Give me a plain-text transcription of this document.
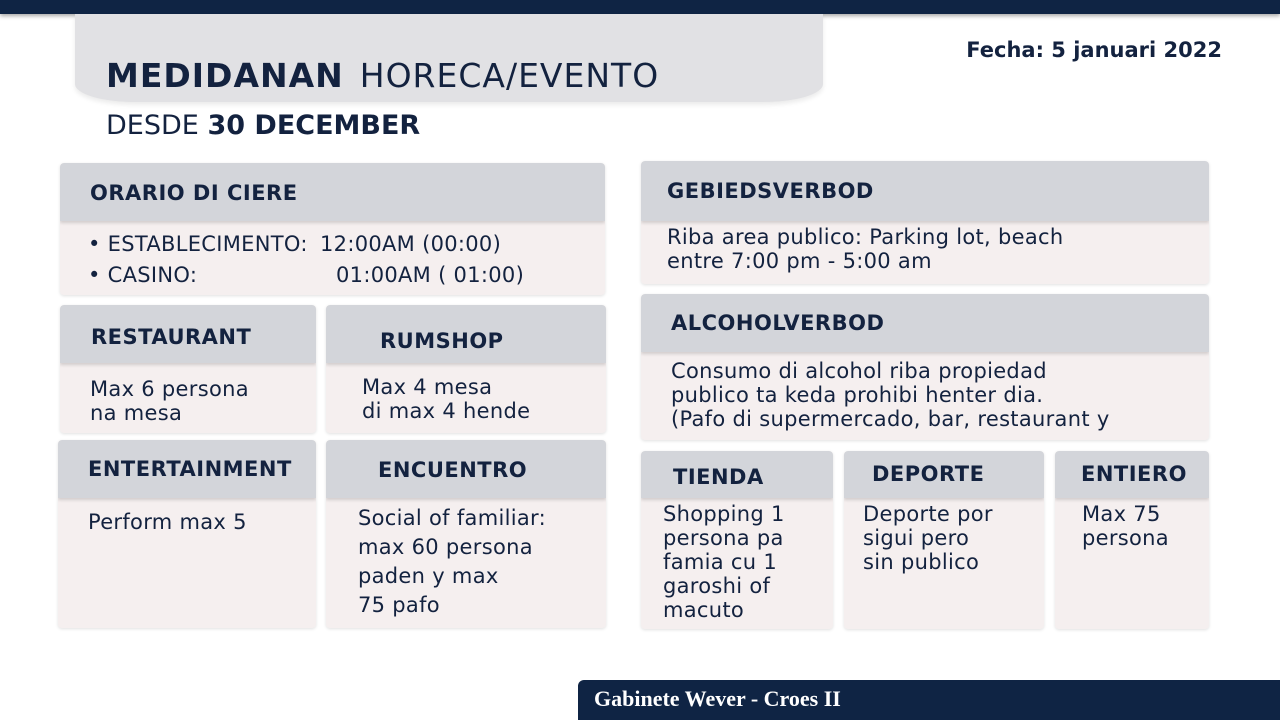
MEDIDANAN HORECA/EVENTO
DESDE 30 DECEMBER
Fecha: 5 januari 2022
ORARIO DI CIERE
• ESTABLECIMENTO: 12:00AM (00:00)
• CASINO:	01:00AM ( 01:00)
RESTAURANT
Max 6 persona
na mesa
RUMSHOP
Max 4 mesa
di max 4 hende
ENTERTAINMENT
Perform max 5
ENCUENTRO
Social of familiar:
max 60 persona
paden y max
75 pafo
GEBIEDSVERBOD
Riba area publico: Parking lot, beach
entre 7:00 pm - 5:00 am
ALCOHOLVERBOD
Consumo di alcohol riba propiedad
publico ta keda prohibi henter dia.
(Pafo di supermercado, bar, restaurant y
TIENDA
Shopping 1
persona pa
famia cu 1
garoshi of
macuto
DEPORTE
Deporte por
sigui pero
sin publico
ENTIERO
Max 75
persona
Gabinete Wever - Croes II
